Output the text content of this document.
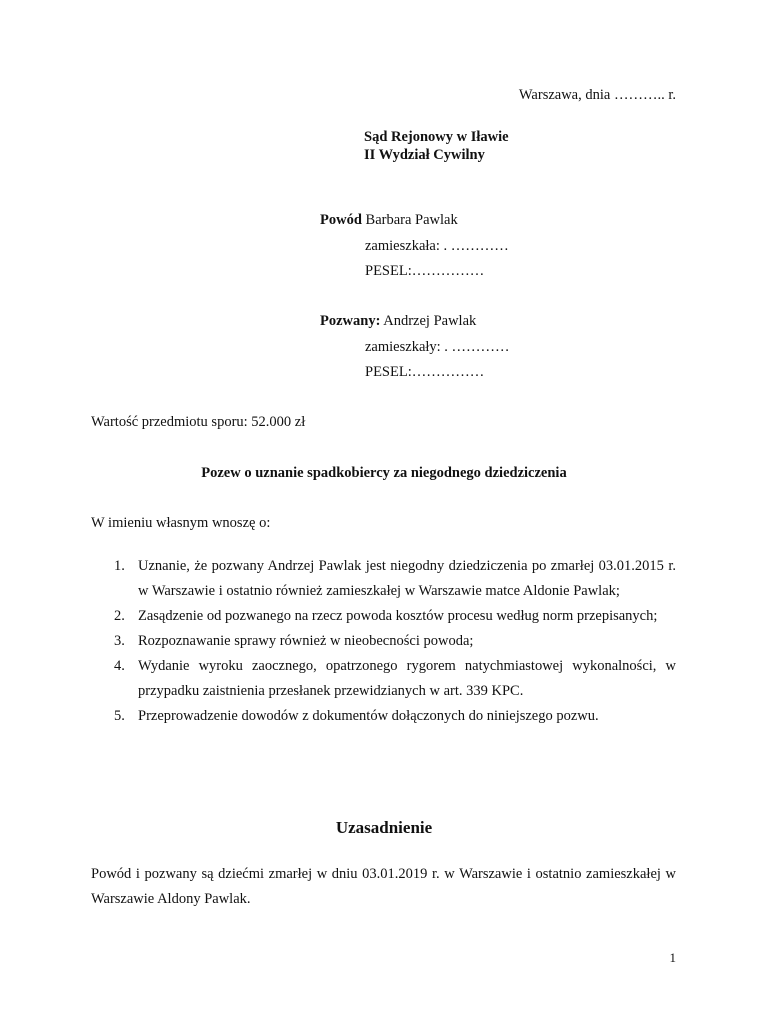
Warszawa, dnia ……….. r.
Sąd Rejonowy w Iławie
II Wydział Cywilny
Powód Barbara Pawlak
zamieszkała: . …………
PESEL:……………
Pozwany: Andrzej Pawlak
zamieszkały: . …………
PESEL:……………
Wartość przedmiotu sporu: 52.000 zł
Pozew o uznanie spadkobiercy za niegodnego dziedziczenia
W imieniu własnym wnoszę o:
1. Uznanie, że pozwany Andrzej Pawlak jest niegodny dziedziczenia po zmarłej 03.01.2015 r. w Warszawie i ostatnio również zamieszkałej w Warszawie matce Aldonie Pawlak;
2. Zasądzenie od pozwanego na rzecz powoda kosztów procesu według norm przepisanych;
3. Rozpoznawanie sprawy również w nieobecności powoda;
4. Wydanie wyroku zaocznego, opatrzonego rygorem natychmiastowej wykonalności, w przypadku zaistnienia przesłanek przewidzianych w art. 339 KPC.
5. Przeprowadzenie dowodów z dokumentów dołączonych do niniejszego pozwu.
Uzasadnienie
Powód i pozwany są dziećmi zmarłej w dniu 03.01.2019 r. w Warszawie i ostatnio zamieszkałej w Warszawie Aldony Pawlak.
1
